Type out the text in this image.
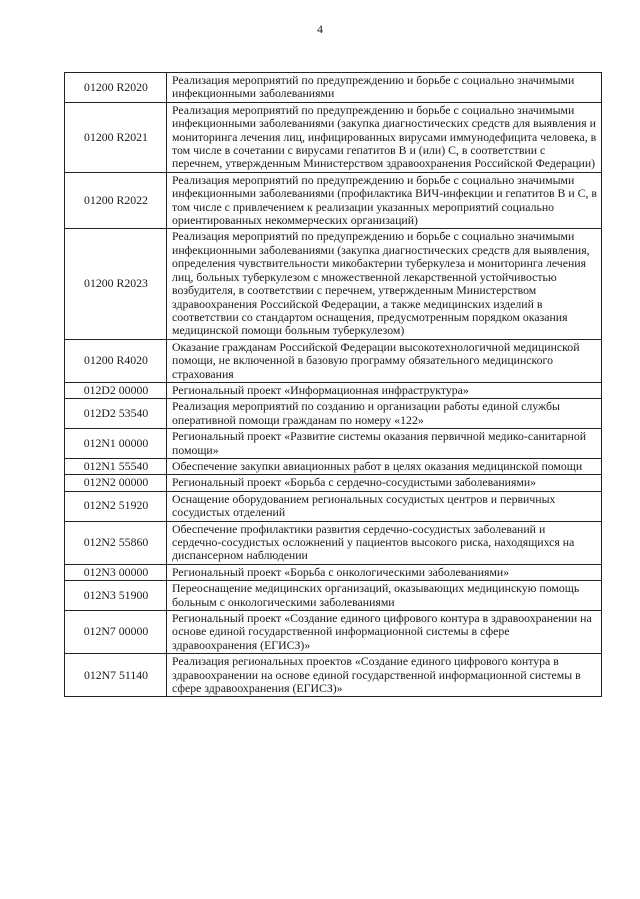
4
01200 R2020	Реализация мероприятий по предупреждению и борьбе с социально значимыми инфекционными заболеваниями
01200 R2021	Реализация мероприятий по предупреждению и борьбе с социально значимыми инфекционными заболеваниями (закупка диагностических средств для выявления и мониторинга лечения лиц, инфицированных вирусами иммунодефицита человека, в том числе в сочетании с вирусами гепатитов В и (или) С, в соответствии с перечнем, утвержденным Министерством здравоохранения Российской Федерации)
01200 R2022	Реализация мероприятий по предупреждению и борьбе с социально значимыми инфекционными заболеваниями (профилактика ВИЧ-инфекции и гепатитов В и С, в том числе с привлечением к реализации указанных мероприятий социально ориентированных некоммерческих организаций)
01200 R2023	Реализация мероприятий по предупреждению и борьбе с социально значимыми инфекционными заболеваниями (закупка диагностических средств для выявления, определения чувствительности микобактерии туберкулеза и мониторинга лечения лиц, больных туберкулезом с множественной лекарственной устойчивостью возбудителя, в соответствии с перечнем, утвержденным Министерством здравоохранения Российской Федерации, а также медицинских изделий в соответствии со стандартом оснащения, предусмотренным порядком оказания медицинской помощи больным туберкулезом)
01200 R4020	Оказание гражданам Российской Федерации высокотехнологичной медицинской помощи, не включенной в базовую программу обязательного медицинского страхования
012D2 00000	Региональный проект «Информационная инфраструктура»
012D2 53540	Реализация мероприятий по созданию и организации работы единой службы оперативной помощи гражданам по номеру «122»
012N1 00000	Региональный проект «Развитие системы оказания первичной медико-санитарной помощи»
012N1 55540	Обеспечение закупки авиационных работ в целях оказания медицинской помощи
012N2 00000	Региональный проект «Борьба с сердечно-сосудистыми заболеваниями»
012N2 51920	Оснащение оборудованием региональных сосудистых центров и первичных сосудистых отделений
012N2 55860	Обеспечение профилактики развития сердечно-сосудистых заболеваний и сердечно-сосудистых осложнений у пациентов высокого риска, находящихся на диспансерном наблюдении
012N3 00000	Региональный проект «Борьба с онкологическими заболеваниями»
012N3 51900	Переоснащение медицинских организаций, оказывающих медицинскую помощь больным с онкологическими заболеваниями
012N7 00000	Региональный проект «Создание единого цифрового контура в здравоохранении на основе единой государственной информационной системы в сфере здравоохранения (ЕГИСЗ)»
012N7 51140	Реализация региональных проектов «Создание единого цифрового контура в здравоохранении на основе единой государственной информационной системы в сфере здравоохранения (ЕГИСЗ)»
